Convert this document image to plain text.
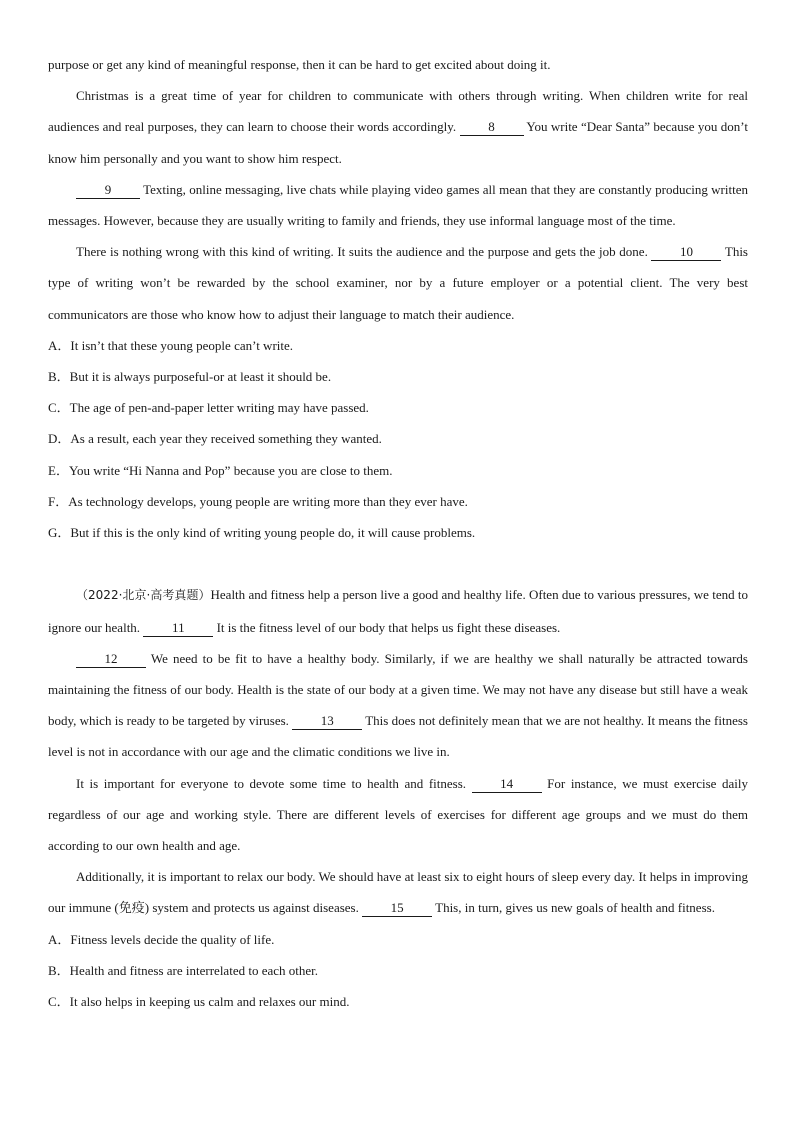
purpose or get any kind of meaningful response, then it can be hard to get excited about doing it.

Christmas is a great time of year for children to communicate with others through writing. When children write for real audiences and real purposes, they can learn to choose their words accordingly. 8 You write “Dear Santa” because you don’t know him personally and you want to show him respect.

9 Texting, online messaging, live chats while playing video games all mean that they are constantly producing written messages. However, because they are usually writing to family and friends, they use informal language most of the time.

There is nothing wrong with this kind of writing. It suits the audience and the purpose and gets the job done. 10 This type of writing won’t be rewarded by the school examiner, nor by a future employer or a potential client. The very best communicators are those who know how to adjust their language to match their audience.

A．It isn’t that these young people can’t write.

B．But it is always purposeful-or at least it should be.

C．The age of pen-and-paper letter writing may have passed.

D．As a result, each year they received something they wanted.

E．You write “Hi Nanna and Pop” because you are close to them.

F．As technology develops, young people are writing more than they ever have.

G．But if this is the only kind of writing young people do, it will cause problems.

（2022·北京·高考真题）Health and fitness help a person live a good and healthy life. Often due to various pressures, we tend to ignore our health. 11 It is the fitness level of our body that helps us fight these diseases.

12 We need to be fit to have a healthy body. Similarly, if we are healthy we shall naturally be attracted towards maintaining the fitness of our body. Health is the state of our body at a given time. We may not have any disease but still have a weak body, which is ready to be targeted by viruses. 13 This does not definitely mean that we are not healthy. It means the fitness level is not in accordance with our age and the climatic conditions we live in.

It is important for everyone to devote some time to health and fitness. 14 For instance, we must exercise daily regardless of our age and working style. There are different levels of exercises for different age groups and we must do them according to our own health and age.

Additionally, it is important to relax our body. We should have at least six to eight hours of sleep every day. It helps in improving our immune (免疫) system and protects us against diseases. 15 This, in turn, gives us new goals of health and fitness.

A．Fitness levels decide the quality of life.

B．Health and fitness are interrelated to each other.

C．It also helps in keeping us calm and relaxes our mind.
